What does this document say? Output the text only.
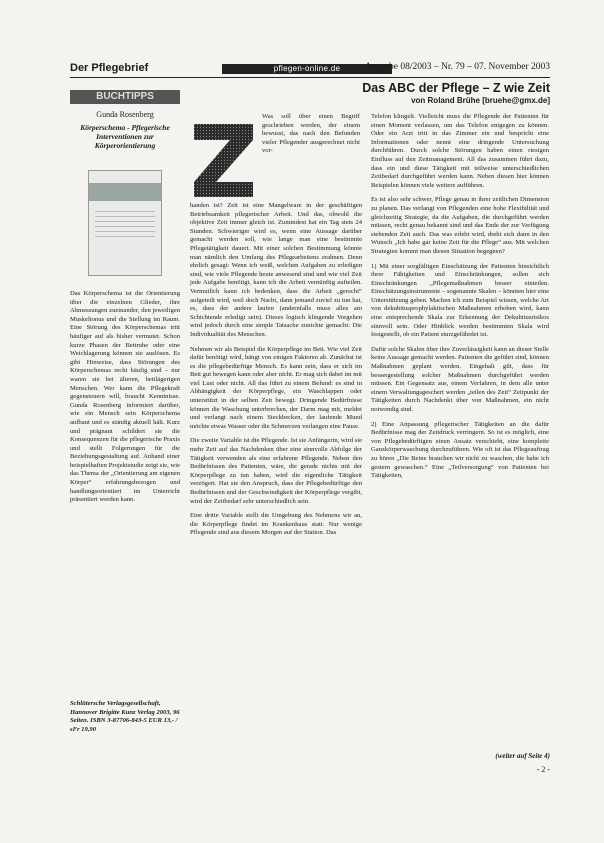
Der Pflegebrief	pflegen-online.de	Ausgabe 08/2003 – Nr. 79 – 07. November 2003
BUCHTIPPS
Gunda Rosenberg
Körperschema - Pflegerische Interventionen zur Körperorientierung
Das Körperschema ist die Orientierung über die einzelnen Glieder, ihre Abmessungen zueinander, den jeweiligen Muskeltonus und die Stellung im Raum. Eine Störung des Körperschemas tritt häufiger auf als bisher vermutet. Schon kurze Phasen der Bettruhe oder eine Weichlagerung können sie auslösen. Es gibt Hinweise, dass Störungen des Körperschemas recht häufig sind – nur waren sie bei älteren, bettlägerigen Menschen. Wer kann die Pflegekraft gegensteuern will, braucht Kenntnisse. Gunda Rosenberg informiert darüber, wie ein Mensch sein Körperschema aufbaut und es ständig aktuell hält. Kurz und prägnant schildert sie die Konsequenzen für die pflegerische Praxis und stellt Folgerungen für die Beziehungsgestaltung auf. Anhand einer beispielhaften Projektstudie zeigt sie, wie das Thema der „Orientierung am eigenen Körper“ erfahrungsbezogen und handlungsorientiert im Unterricht präsentiert werden kann.
Schlütersche Verlagsgesellschaft, Hannover Brigitte Kunz Verlag 2003, 96 Seiten. ISBN 3-87706-843-5 EUR 13,- / sFr 19,90
Das ABC der Pflege – Z wie Zeit
von Roland Brühe [bruehe@gmx.de]
Z

Was soll über einen Begriff geschrieben werden, der einem bewusst, das nach den Befunden vieler Pflegender ausgerechnet nicht vor-

handen ist? Zeit ist eine Mangelware in der geschäftigen Betriebsamkeit pflegerischer Arbeit. Und das, obwohl die objektive Zeit immer gleich ist. Zumindest hat ein Tag stets 24 Stunden. Schwieriger wird es, wenn eine Aussage darüber gemacht werden soll, wie lange man eine bestimmte Pflegetätigkeit dauert. Mit einer solchen Bestimmung könnte man nämlich den Umfang des Pflegearbeitens erahnen. Denn ehrlich gesagt: Wenn ich weiß, welchen Aufgaben zu erledigen sind, wie viele Pflegende heute anwesend sind und wie viel Zeit jede Aufgabe benötigt, kann ich die Arbeit vernünftig aufteilen. Vermutlich kann ich bedenken, dass die Arbeit „gerecht“ aufgeteilt wird, weil doch Nacht, dann jemand zuviel zu tun hat, es, dass der andere laufen (andernfalls muss alles am Schichtende erledigt sein). Dieses logisch klingende Vorgehen wird jedoch durch eine simple Tatsache zunichte gemacht: Die Individualität des Menschen.

Nehmen wir als Beispiel die Körperpflege im Bett. Wie viel Zeit dafür benötigt wird, hängt von einigen Faktoren ab. Zunächst ist es die pflegebedürftige Mensch. Es kann sein, dass er sich im Bett gut bewegen kann oder aber nicht. Er mag sich dabei im mit viel Lust oder nicht. All das führt zu einem Befund: es sind in Abhängigkeit der Körperpflege, ein Waschlappen oder unterstützt in der selben Zeit bewegt. Dringende Bedürfnisse können die Waschung unterbrechen, der Darm mag mit, meldet und verlangt nach einem Steckbecken, der laufende Mund möchte etwas Wasser oder die Schmerzen verlangen eine Pause.

Die zweite Variable ist die Pflegende. Ist sie Anfängerin, wird sie mehr Zeit auf das Nachdenken über eine sinnvolle Abfolge der Tätigkeit verwenden als eine erfahrene Pflegende. Neben den Bedürfnissen des Patienten, wäre, die gerade nichts mit der Körperpflege zu tun haben, wird die eigentliche Tätigkeit verzögert. Hat sie den Anspruch, dass der Pflegebedürftige den Bedürfnissen und der Geschwindigkeit der Körperpflege vergibt, wird der Zeitbedarf sehr unterschiedlich sein.

Eine dritte Variable stellt die Umgebung des Nehmens wir an, die Körperpflege findet im Krankenhaus statt. Nur wenige Pflegende sind aus diesem Morgen auf der Station. Das

Telefon klingelt. Vielleicht muss die Pflegende der Patienten für einen Moment verlassen, um das Telefon entgegen zu können. Oder ein Arzt tritt in das Zimmer ein und bespricht eine Informationen oder nennt eine dringende Untersuchung durchführen. Durch solche Störungen haben einen riesigen Einfluss auf den Zeitmanagement. All das zusammen führt dazu, dass ein und diese Tätigkeit mit teilweise unterschiedlichen Zeitbedarf durchgeführt werden kann. Neben diesen hier können Beispielen können viele weitere aufführen.

Es ist also sehr schwer, Pflege genau in ihrer zeitlichen Dimension zu planen. Das verlangt von Pflegenden eine hohe Flexibilität und gleichzeitig Strategie, da die Aufgaben, die durchgeführt werden müssen, recht genau bekannt sind und das Ende der zur Verfügung stehenden Zeit auch. Das was erlebt wird, dreht sich dann in den Wunsch „Ich habe gar keine Zeit für die Pflege“ aus. Mit welchen Strategien kommt man diesen Situation begegnen?

1) Mit einer sorgfältigen Einschätzung der Patienten hinsichtlich ihrer Fähigkeiten und Einschränkungen, sollen sich Einschränkungen „Pflegemaßnahmen besser einteilen. Einschätzungsinstrumente – sogenannte Skalen – könnten hier eine Unterstützung geben. Machen ich zum Beispiel wissen, welche Art von dekubitusprophylaktischen Maßnahmen erhoben wird, kann eine entsprechende Skala zur Erkennung der Dekubitusrisikos sinnvoll sein. Oder Hinblick werden bestimmten Skala wird festgestellt, ob ein Patient sturzgefährdet ist.

Dafür solche Skalen über ihre Zuverlässigkeit kann an dieser Stelle keine Aussage gemacht werden. Patienten die geführt sind, können Maßnahmen geplant werden. Eingehalt gilt, dass für bessergestellung solcher Maßnahmen durchgeführt werden müssen. Ein Gegensatz aus, einem Verfahren, in dem alle unter einem Verwaltungsgeschert werden „teilen des Zeit“ Zeitpunkt der Tätigkeiten durch Nachdenkt über von Maßnahmen, ein nicht notwendig sind.

2) Eine Anpassung pflegerischer Tätigkeiten an die dafür Bedürfnisse mag der Zeitdruck verringern. So ist es möglich, eine von Pflegebedürftigen einen Ansatz verschiebt, eine komplette Ganzkörperwaschung durchzuführen. Wie oft ist das Pflegeauftrag zu hören „Die Beine brauchen wir nicht zu waschen, die habe ich gestern gewaschen.“ Eine „Teilversorgung“ von Patienten bei Tätigkeiten,

(weiter auf Seite 4)
- 2 -
